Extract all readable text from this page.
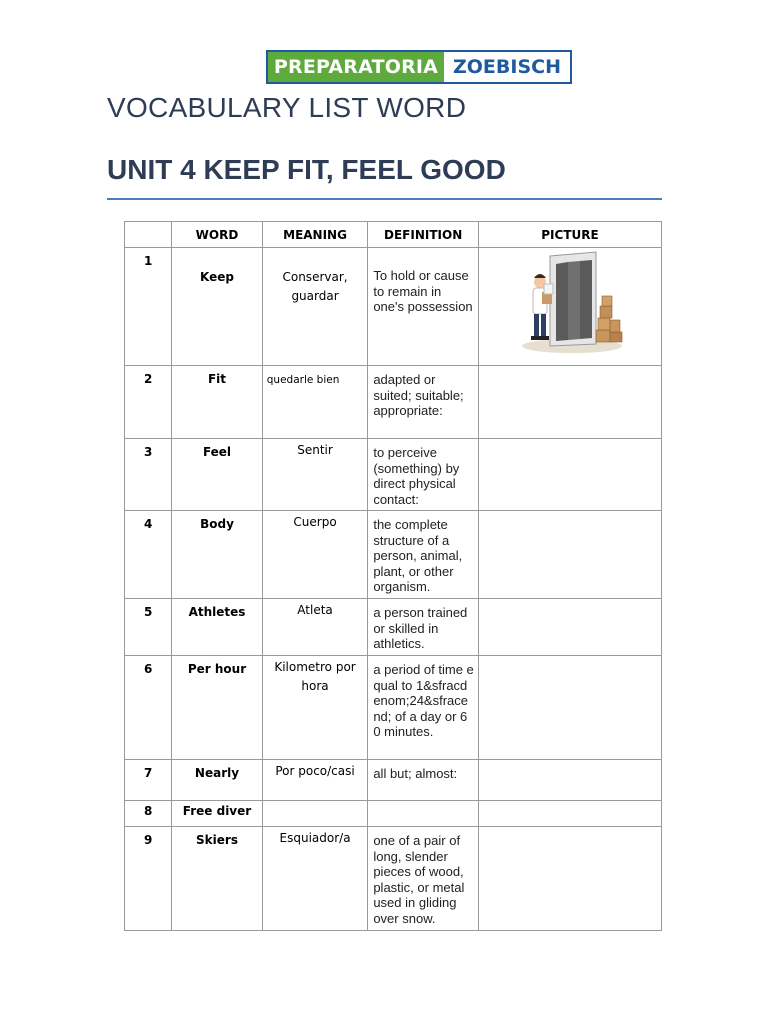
PREPARATORIA ZOEBISCH
VOCABULARY LIST WORD
UNIT 4 KEEP FIT, FEEL GOOD
	WORD	MEANING	DEFINITION	PICTURE
1	Keep	Conservar, guardar	To hold or cause to remain in one's possession	

2	Fit	quedarle bien	adapted or suited; suitable; appropriate:	
3	Feel	Sentir	to perceive (something) by direct physical contact:	
4	Body	Cuerpo	the complete structure of a person, animal, plant, or other organism.	
5	Athletes	Atleta	a person trained or skilled in athletics.	
6	Per hour	Kilometro por hora	a period of time equal to 1&sfracdenom;24&sfracend; of a day or 60 minutes.	
7	Nearly	Por poco/casi	all but; almost:	
8	Free diver			
9	Skiers	Esquiador/a	one of a pair of long, slender pieces of wood, plastic, or metal used in gliding over snow.	
